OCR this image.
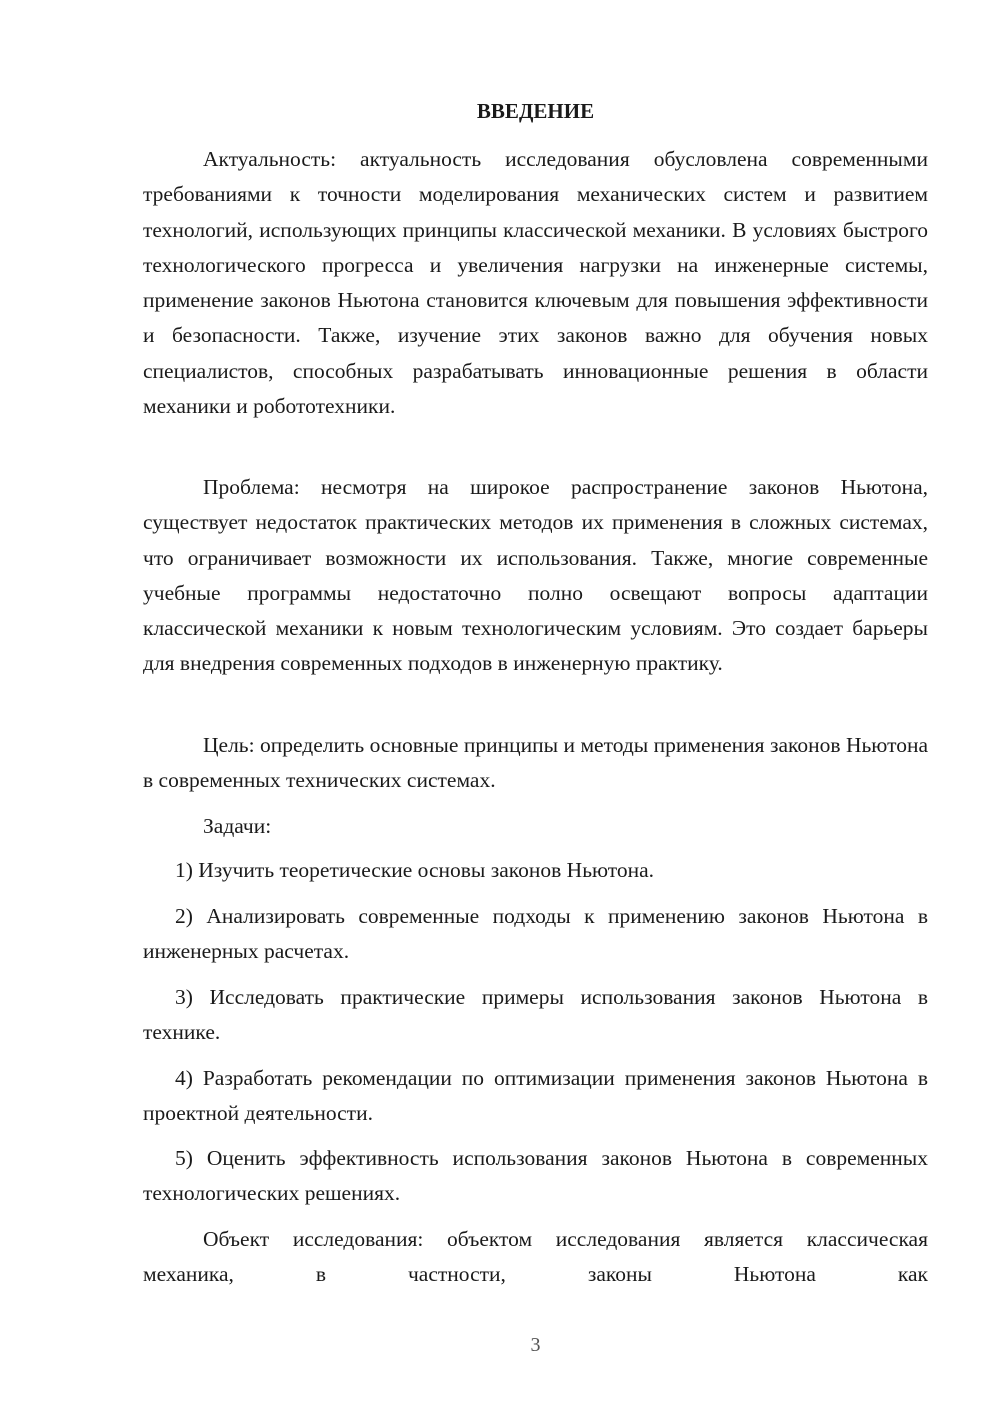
ВВЕДЕНИЕ

Актуальность: актуальность исследования обусловлена современными требованиями к точности моделирования механических систем и развитием технологий, использующих принципы классической механики. В условиях быстрого технологического прогресса и увеличения нагрузки на инженерные системы, применение законов Ньютона становится ключевым для повышения эффективности и безопасности. Также, изучение этих законов важно для обучения новых специалистов, способных разрабатывать инновационные решения в области механики и робототехники.

Проблема: несмотря на широкое распространение законов Ньютона, существует недостаток практических методов их применения в сложных системах, что ограничивает возможности их использования. Также, многие современные учебные программы недостаточно полно освещают вопросы адаптации классической механики к новым технологическим условиям. Это создает барьеры для внедрения современных подходов в инженерную практику.

Цель: определить основные принципы и методы применения законов Ньютона в современных технических системах.

Задачи:

1) Изучить теоретические основы законов Ньютона.

2) Анализировать современные подходы к применению законов Ньютона в инженерных расчетах.

3) Исследовать практические примеры использования законов Ньютона в технике.

4) Разработать рекомендации по оптимизации применения законов Ньютона в проектной деятельности.

5) Оценить эффективность использования законов Ньютона в современных технологических решениях.

Объект исследования: объектом исследования является классическая механика, в частности, законы Ньютона как

3
